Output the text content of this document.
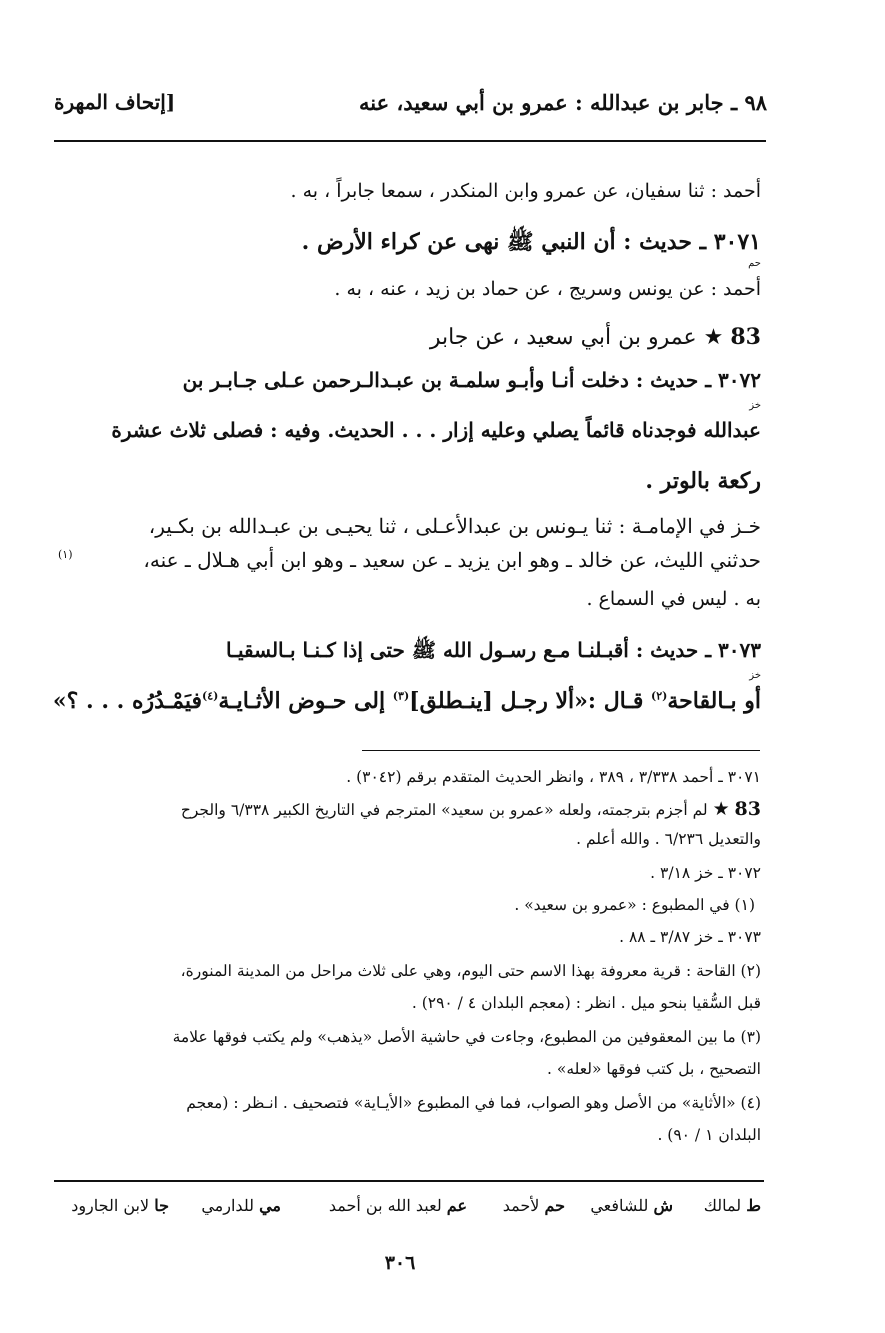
٩٨ ـ جابر بن عبدالله : عمرو بن أبي سعيد، عنه
[إتحاف المهرة
أحمد : ثنا سفيان، عن عمرو وابن المنكدر ، سمعا جابراً ، به .
٣٠٧١ ـ حديث : أن النبي ﷺ نهى عن كراء الأرض .
حم
أحمد : عن يونس وسريج ، عن حماد بن زيد ، عنه ، به .
83 ★ عمرو بن أبي سعيد ، عن جابر
٣٠٧٢ ـ حديث : دخلت أنـا وأبـو سلمـة بن عبـدالـرحمن عـلى جـابـر بن
خز
عبدالله فوجدناه قائماً يصلي وعليه إزار . . . الحديث. وفيه : فصلى ثلاث عشرة
ركعة بالوتر .
خـز في الإمامـة : ثنا يـونس بن عبدالأعـلى ، ثنا يحيـى بن عبـدالله بن بكـير،
حدثني الليث، عن خالد ـ وهو ابن يزيد ـ عن سعيد ـ وهو ابن أبي هـلال ـ عنه،
(١)
به . ليس في السماع .
٣٠٧٣ ـ حديث : أقبـلنـا مـع رسـول الله ﷺ حتى إذا كـنـا بـالسقيـا
خز
أو بـالقاحة$^{(٢)}$ قـال :«ألا رجـل [ينـطلق]$^{(٣)}$ إلى حـوض الأثـايـة$^{(٤)}$فيَمْـدُرُه . . . ؟»
٣٠٧١ ـ أحمد ٣/٣٣٨ ، ٣٨٩ ، وانظر الحديث المتقدم برقم (٣٠٤٢) .
83 ★ لم أجزم بترجمته، ولعله «عمرو بن سعيد» المترجم في التاريخ الكبير ٦/٣٣٨ والجرح
والتعديل ٦/٢٣٦ . والله أعلم .
٣٠٧٢ ـ خز ٣/١٨ .
(١) في المطبوع : «عمرو بن سعيد» .
٣٠٧٣ ـ خز ٣/٨٧ ـ ٨٨ .
(٢) القاحة : قرية معروفة بهذا الاسم حتى اليوم، وهي على ثلاث مراحل من المدينة المنورة،
قبل السُّقيا بنحو ميل . انظر : (معجم البلدان ٤ / ٢٩٠) .
(٣) ما بين المعقوفين من المطبوع، وجاءت في حاشية الأصل «يذهب» ولم يكتب فوقها علامة
التصحيح ، بل كتب فوقها «لعله» .
(٤) «الأثاية» من الأصل وهو الصواب، فما في المطبوع «الأيـاية» فتصحيف . انـظر : (معجم
البلدان ١ / ٩٠) .
ط لمالك
ش للشافعي
حم لأحمد
عم لعبد الله بن أحمد
مي للدارمي
جا لابن الجارود
٣٠٦
